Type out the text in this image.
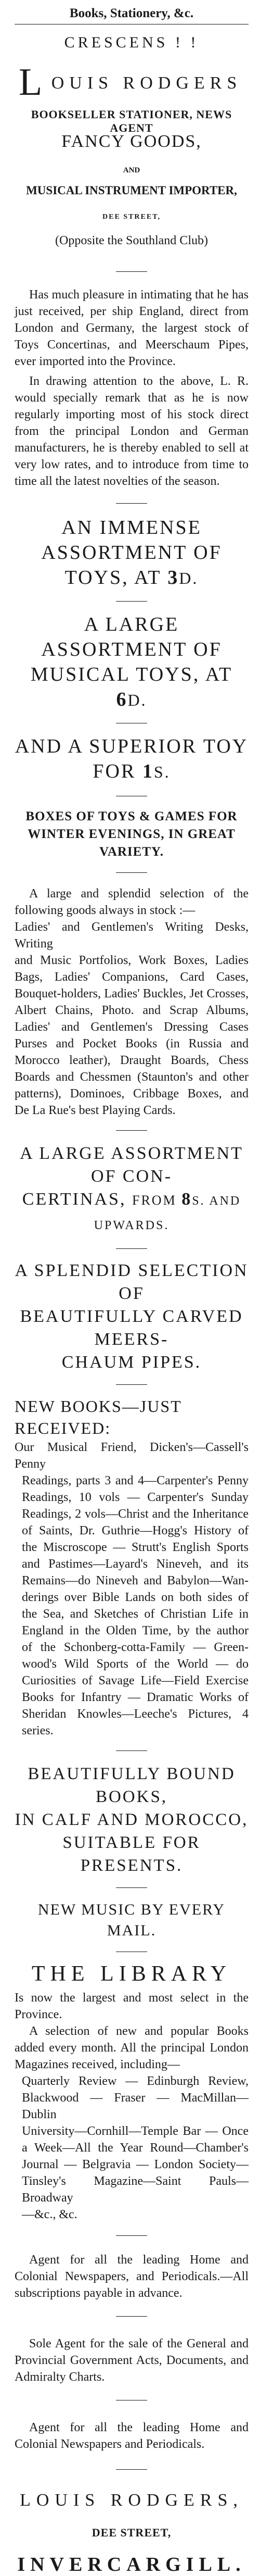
Books, Stationery, &c.
CRESCENS ! !
L OUIS RODGERS
BOOKSELLER STATIONER, NEWS AGENT
FANCY GOODS,
AND
MUSICAL INSTRUMENT IMPORTER,
DEE STREET,
(Opposite the Southland Club)

Has much pleasure in intimating that he has just received, per ship England, direct from London and Germany, the largest stock of Toys Concertinas, and Meerschaum Pipes, ever imported into the Province.

In drawing attention to the above, L. R. would specially remark that as he is now regularly importing most of his stock direct from the principal London and German manufacturers, he is thereby enabled to sell at very low rates, and to introduce from time to time all the latest novelties of the season.

AN IMMENSE ASSORTMENT OF
TOYS, AT 3D.
A LARGE ASSORTMENT OF
MUSICAL TOYS, AT 6D.
AND A SUPERIOR TOY FOR 1S.
BOXES OF TOYS & GAMES FOR WINTER EVENINGS, IN GREAT VARIETY.

A large and splendid selection of the following goods always in stock :—

Ladies' and Gentlemen's Writing Desks, Writing
and Music Portfolios, Work Boxes, Ladies
Bags, Ladies' Companions, Card Cases,
Bouquet-holders, Ladies' Buckles, Jet Crosses,
Albert Chains, Photo. and Scrap Albums,
Ladies' and Gentlemen's Dressing Cases
Purses and Pocket Books (in Russia and
Morocco leather), Draught Boards, Chess
Boards and Chessmen (Staunton's and other
patterns), Dominoes, Cribbage Boxes, and
De La Rue's best Playing Cards.
A LARGE ASSORTMENT OF CON-
CERTINAS, FROM 8S. AND UPWARDS.
A SPLENDID SELECTION OF
BEAUTIFULLY CARVED MEERS-
CHAUM PIPES.
NEW BOOKS—JUST RECEIVED:
Our Musical Friend, Dicken's—Cassell's Penny
Readings, parts 3 and 4—Carpenter's Penny
Readings, 10 vols — Carpenter's Sunday
Readings, 2 vols—Christ and the Inheritance
of Saints, Dr. Guthrie—Hogg's History of
the Miscroscope — Strutt's English Sports
and Pastimes—Layard's Nineveh, and its
Remains—do Nineveh and Babylon—Wan-
derings over Bible Lands on both sides of
the Sea, and Sketches of Christian Life in
England in the Olden Time, by the author
of the Schonberg-cotta-Family — Green-
wood's Wild Sports of the World — do
Curiosities of Savage Life—Field Exercise
Books for Infantry — Dramatic Works of
Sheridan Knowles—Leeche's Pictures, 4
series.
BEAUTIFULLY BOUND BOOKS,
IN CALF AND MOROCCO,
SUITABLE FOR PRESENTS.
NEW MUSIC BY EVERY MAIL.
THE LIBRARY
Is now the largest and most select in the Province.
A selection of new and popular Books
added every month. All the principal London
Magazines received, including—
Quarterly Review — Edinburgh Review,
Blackwood — Fraser — MacMillan—Dublin
University—Cornhill—Temple Bar — Once
a Week—All the Year Round—Chamber's
Journal — Belgravia — London Society—
Tinsley's Magazine—Saint Pauls—Broadway
—&c., &c.

Agent for all the leading Home and Colonial Newspapers, and Periodicals.—All subscriptions payable in advance.

Sole Agent for the sale of the General and Provincial Government Acts, Documents, and Admiralty Charts.

Agent for all the leading Home and Colonial Newspapers and Periodicals.

LOUIS RODGERS,
DEE STREET,
INVERCARGILL.
